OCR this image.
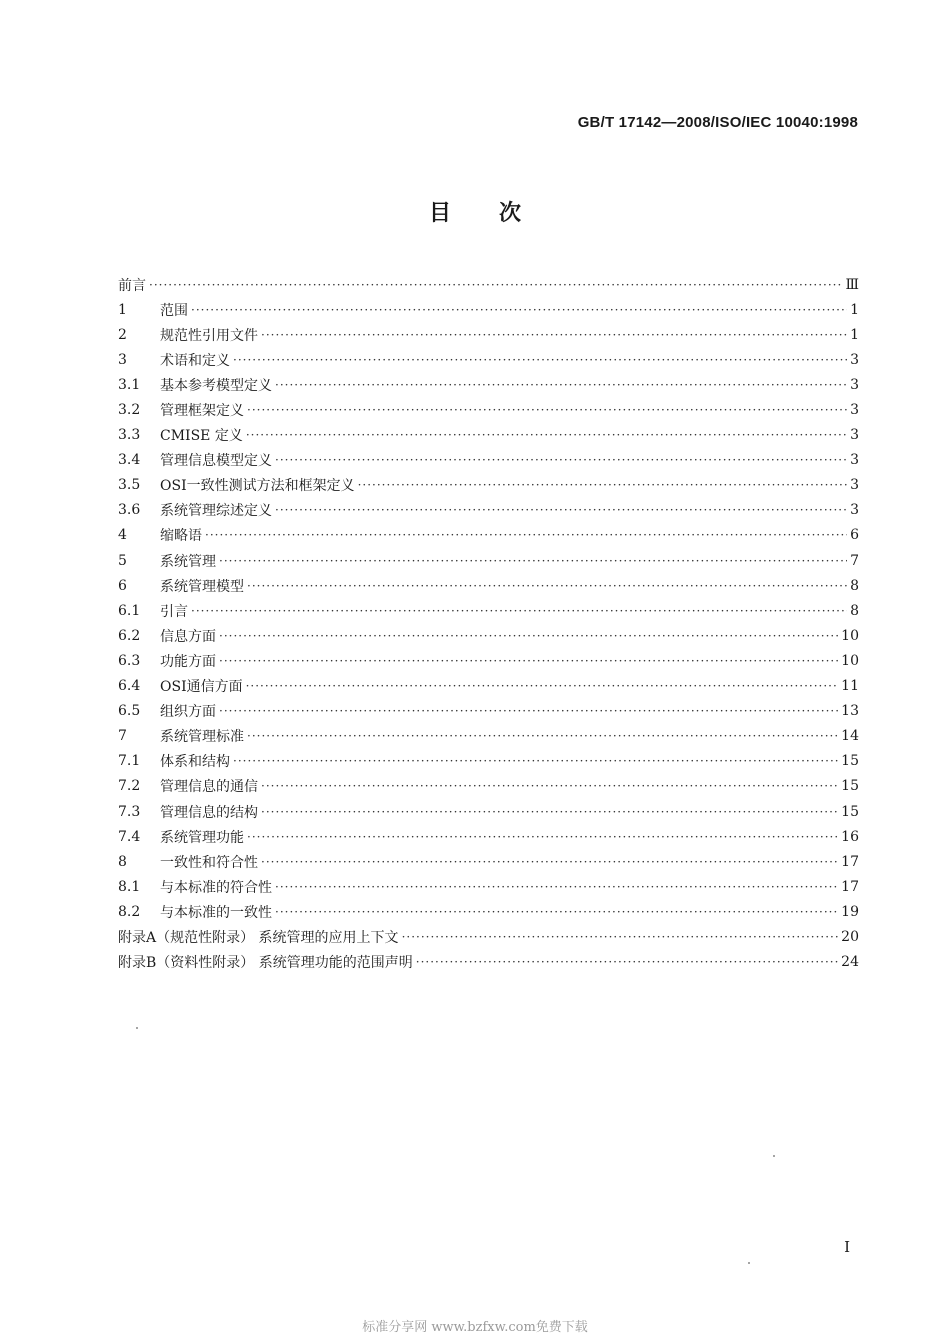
GB/T 17142—2008/ISO/IEC 10040:1998
目次
前言 ·····	Ⅲ
1	范围 ·····	1
2	规范性引用文件 ·····	1
3	术语和定义 ·····	3
3.1	基本参考模型定义 ·····	3
3.2	管理框架定义 ·····	3
3.3	CMISE 定义 ·····	3
3.4	管理信息模型定义 ·····	3
3.5	OSI一致性测试方法和框架定义 ·····	3
3.6	系统管理综述定义 ·····	3
4	缩略语 ·····	6
5	系统管理 ·····	7
6	系统管理模型 ·····	8
6.1	引言 ·····	8
6.2	信息方面 ·····	10
6.3	功能方面 ·····	10
6.4	OSI通信方面 ·····	11
6.5	组织方面 ·····	13
7	系统管理标准 ·····	14
7.1	体系和结构 ·····	15
7.2	管理信息的通信 ·····	15
7.3	管理信息的结构 ·····	15
7.4	系统管理功能 ·····	16
8	一致性和符合性 ·····	17
8.1	与本标准的符合性 ·····	17
8.2	与本标准的一致性 ·····	19
附录A（规范性附录） 系统管理的应用上下文 ·····	20
附录B（资料性附录） 系统管理功能的范围声明 ·····	24
I
标准分享网 www.bzfxw.com免费下载
